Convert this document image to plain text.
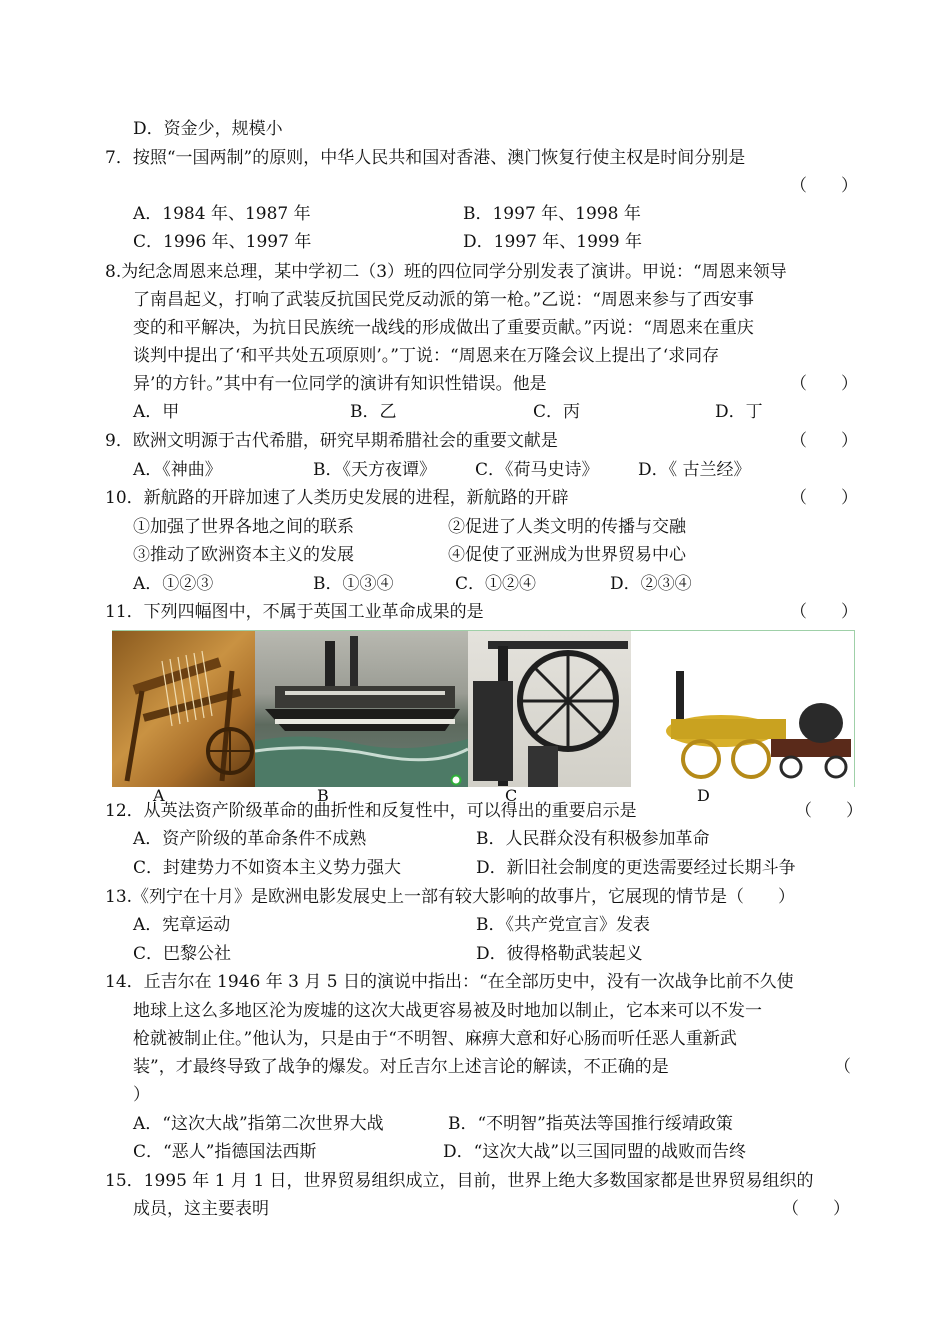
D．资金少，规模小
7．按照“一国两制”的原则，中华人民共和国对香港、澳门恢复行使主权是时间分别是
（　　）
A．1984 年、1987 年	B．1997 年、1998 年
C．1996 年、1997 年	D．1997 年、1999 年
8.为纪念周恩来总理，某中学初二（3）班的四位同学分别发表了演讲。甲说：“周恩来领导
了南昌起义，打响了武装反抗国民党反动派的第一枪。”乙说：“周恩来参与了西安事
变的和平解决，为抗日民族统一战线的形成做出了重要贡献。”丙说：“周恩来在重庆
谈判中提出了‘和平共处五项原则’。”丁说：“周恩来在万隆会议上提出了‘求同存
异’的方针。”其中有一位同学的演讲有知识性错误。他是	（　　）
A．甲	B．乙	C．丙	D．丁
9．欧洲文明源于古代希腊，研究早期希腊社会的重要文献是	（　　）
A．《神曲》	B．《天方夜谭》 C．《荷马史诗》 D．《 古兰经》
10．新航路的开辟加速了人类历史发展的进程，新航路的开辟	（　　）
①加强了世界各地之间的联系	②促进了人类文明的传播与交融
③推动了欧洲资本主义的发展	④促使了亚洲成为世界贸易中心
A．①②③	B．①③④	C．①②④	D．②③④
11．下列四幅图中，不属于英国工业革命成果的是	（　　）
A	B	C	D
12．从英法资产阶级革命的曲折性和反复性中，可以得出的重要启示是	（　　）
A．资产阶级的革命条件不成熟	B．人民群众没有积极参加革命
C．封建势力不如资本主义势力强大	D．新旧社会制度的更迭需要经过长期斗争
13.《列宁在十月》是欧洲电影发展史上一部有较大影响的故事片，它展现的情节是（　　）
A．宪章运动	B．《共产党宣言》发表
C．巴黎公社	D．彼得格勒武装起义
14．丘吉尔在 1946 年 3 月 5 日的演说中指出：“在全部历史中，没有一次战争比前不久使
地球上这么多地区沦为废墟的这次大战更容易被及时地加以制止，它本来可以不发一
枪就被制止住。”他认为，只是由于“不明智、麻痹大意和好心肠而听任恶人重新武
装”，才最终导致了战争的爆发。对丘吉尔上述言论的解读，不正确的是	（
）
A．“这次大战”指第二次世界大战	B．“不明智”指英法等国推行绥靖政策
C．“恶人”指德国法西斯	D．“这次大战”以三国同盟的战败而告终
15．1995 年 1 月 1 日，世界贸易组织成立，目前，世界上绝大多数国家都是世界贸易组织的
成员，这主要表明	（　　）
